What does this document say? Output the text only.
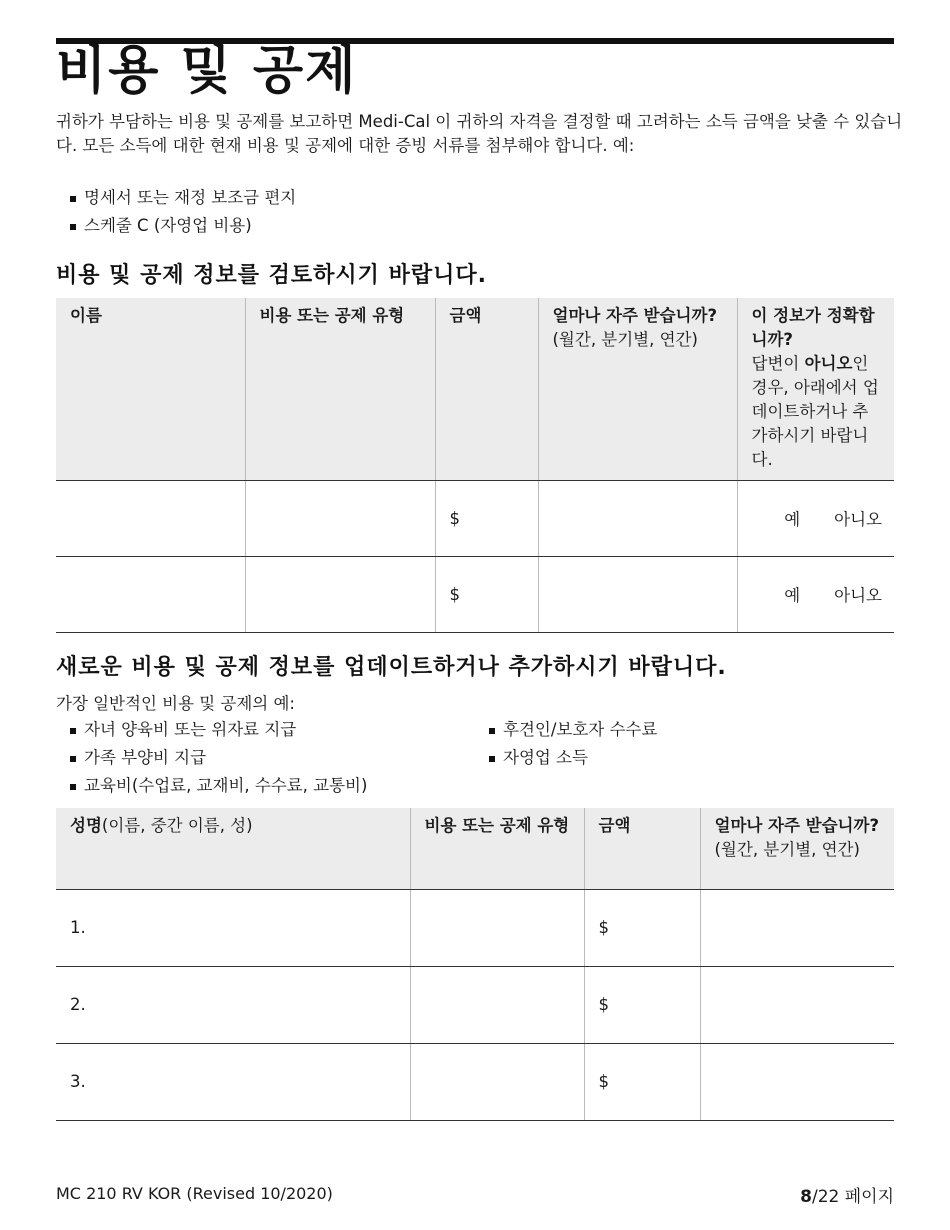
비용 및 공제

귀하가 부담하는 비용 및 공제를 보고하면 Medi-Cal 이 귀하의 자격을 결정할 때 고려하는 소득 금액을 낮출 수 있습니다. 모든 소득에 대한 현재 비용 및 공제에 대한 증빙 서류를 첨부해야 합니다. 예:

명세서 또는 재정 보조금 편지
스케줄 C (자영업 비용)
비용 및 공제 정보를 검토하시기 바랍니다.
이름	비용 또는 공제 유형	금액	얼마나 자주 받습니까? (월간, 분기별, 연간)	이 정보가 정확합니까?
답변이 아니오인 경우, 아래에서 업데이트하거나 추가하시기 바랍니다.
		$		예 아니오
		$		예 아니오
새로운 비용 및 공제 정보를 업데이트하거나 추가하시기 바랍니다.

가장 일반적인 비용 및 공제의 예:

자녀 양육비 또는 위자료 지급
가족 부양비 지급
교육비(수업료, 교재비, 수수료, 교통비)
후견인/보호자 수수료
자영업 소득
성명(이름, 중간 이름, 성)	비용 또는 공제 유형	금액	얼마나 자주 받습니까? (월간, 분기별, 연간)
1.		$	
2.		$	
3.		$	

MC 210 RV KOR (Revised 10/2020)	8/22 페이지
